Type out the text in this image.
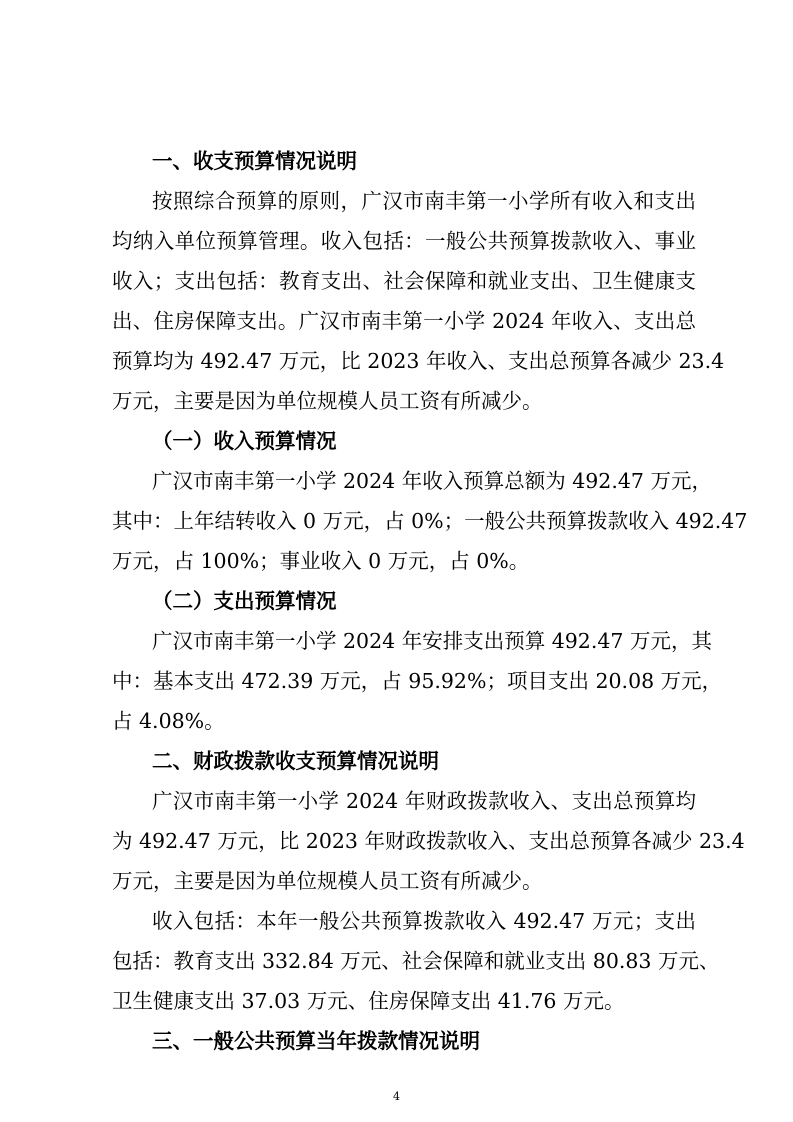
一、收支预算情况说明
按照综合预算的原则，广汉市南丰第一小学所有收入和支出
均纳入单位预算管理。收入包括：一般公共预算拨款收入、事业
收入；支出包括：教育支出、社会保障和就业支出、卫生健康支
出、住房保障支出。广汉市南丰第一小学 2024 年收入、支出总
预算均为 492.47 万元，比 2023 年收入、支出总预算各减少 23.4
万元，主要是因为单位规模人员工资有所减少。
（一）收入预算情况
广汉市南丰第一小学 2024 年收入预算总额为 492.47 万元，
其中：上年结转收入 0 万元，占 0%；一般公共预算拨款收入 492.47
万元，占 100%；事业收入 0 万元，占 0%。
（二）支出预算情况
广汉市南丰第一小学 2024 年安排支出预算 492.47 万元，其
中：基本支出 472.39 万元，占 95.92%；项目支出 20.08 万元，
占 4.08%。
二、财政拨款收支预算情况说明
广汉市南丰第一小学 2024 年财政拨款收入、支出总预算均
为 492.47 万元，比 2023 年财政拨款收入、支出总预算各减少 23.4
万元，主要是因为单位规模人员工资有所减少。
收入包括：本年一般公共预算拨款收入 492.47 万元；支出
包括：教育支出 332.84 万元、社会保障和就业支出 80.83 万元、
卫生健康支出 37.03 万元、住房保障支出 41.76 万元。
三、一般公共预算当年拨款情况说明
4
